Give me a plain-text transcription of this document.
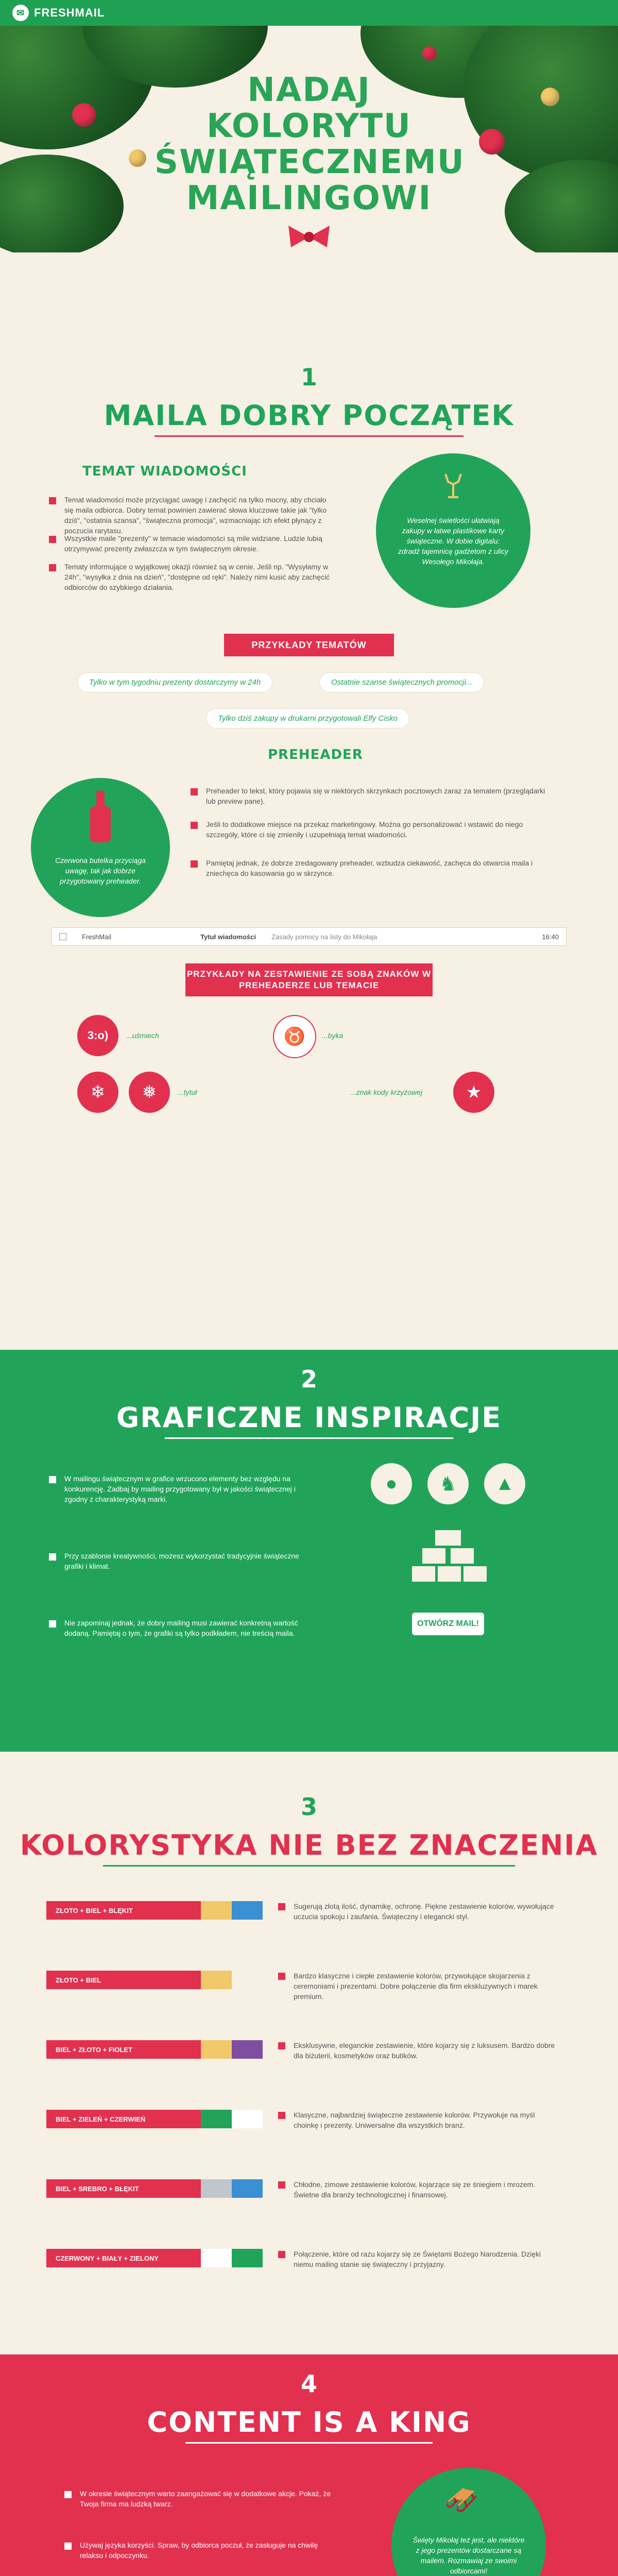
✉ FRESHMAIL
NADAJ KOLORYTU
ŚWIĄTECZNEMU
MAILINGOWI
1
MAILA DOBRY POCZĄTEK
TEMAT WIADOMOŚCI
Temat wiadomości może przyciągać uwagę i zachęcić na tylko mocny, aby chciało się maila odbiorca. Dobry temat powinien zawierać słowa kluczowe takie jak "tylko dziś", "ostatnia szansa", "świąteczna promocja", wzmacniając ich efekt płynący z poczucia rarytasu.
Wszystkie maile "prezenty" w temacie wiadomości są mile widziane. Ludzie lubią otrzymywać prezenty zwłaszcza w tym świątecznym okresie.
Tematy informujące o wyjątkowej okazji również są w cenie. Jeśli np. "Wysyłamy w 24h", "wysyłka z dnia na dzień", "dostępne od ręki". Należy nimi kusić aby zachęcić odbiorców do szybkiego działania.
Weselnej świetlości ułatwiają zakupy w łatwe plastikowe karty świąteczne. W dobie digitalu: zdradź tajemnicę gadżetom z ulicy Wesołego Mikołaja.
PRZYKŁADY TEMATÓW
Tylko w tym tygodniu prezenty dostarczymy w 24h	Ostatnie szanse świątecznych promocji...
Tylko dziś zakupy w drukarni przygotowali Elfy Cisko
PREHEADER
Czerwona butelka przyciąga uwagę, tak jak dobrze przygotowany preheader.
Preheader to tekst, który pojawia się w niektórych skrzynkach pocztowych zaraz za tematem (przeglądarki lub preview pane).
Jeśli to dodatkowe miejsce na przekaz marketingowy. Można go personalizować i wstawić do niego szczegóły, które ci się zmieniły i uzupełniają temat wiadomości.
Pamiętaj jednak, że dobrze zredagowany preheader, wzbudza ciekawość, zachęca do otwarcia maila i zniechęca do kasowania go w skrzynce.
FreshMail	Tytuł wiadomości Zasady pomocy na listy do Mikołaja	16:40
PRZYKŁADY NA ZESTAWIENIE ZE SOBĄ ZNAKÓW W PREHEADERZE LUB TEMACIE
3:o)	...uśmiech	♉	...byka
❄	❅	...tytuł	★
...znak kody krzyżowej
2
GRAFICZNE INSPIRACJE
W mailingu świątecznym w grafice wrzucono elementy bez względu na konkurencję. Zadbaj by mailing przygotowany był w jakości świątecznej i zgodny z charakterystyką marki.
Przy szablonie kreatywności, możesz wykorzystać tradycyjnie świąteczne grafiki i klimat.
Nie zapominaj jednak, że dobry mailing musi zawierać konkretną wartość dodaną. Pamiętaj o tym, że grafiki są tylko podkładem, nie treścią maila.
●	♞	▲
OTWÓRZ MAIL!
3
KOLORYSTYKA NIE BEZ ZNACZENIA
ZŁOTO + BIEL + BLĘKIT	Sugerują złotą ilość, dynamikę, ochronę. Piękne zestawienie kolorów, wywołujące uczucia spokoju i zaufania. Świąteczny i elegancki styl.
ZŁOTO + BIEL	Bardzo klasyczne i ciepłe zestawienie kolorów, przywołujące skojarzenia z ceremoniami i prezentami. Dobre połączenie dla firm ekskluzywnych i marek premium.
BIEL + ZŁOTO + FIOLET	Eksklusywne, eleganckie zestawienie, które kojarzy się z luksusem. Bardzo dobre dla biżuterii, kosmetyków oraz butików.
BIEL + ZIELEŃ + CZERWIEŃ	Klasyczne, najbardziej świąteczne zestawienie kolorów. Przywołuje na myśl choinkę i prezenty. Uniwersalne dla wszystkich branż.
BIEL + SREBRO + BŁĘKIT	Chłodne, zimowe zestawienie kolorów, kojarzące się ze śniegiem i mrozem. Świetne dla branży technologicznej i finansowej.
CZERWONY + BIAŁY + ZIELONY	Połączenie, które od razu kojarzy się ze Świętami Bożego Narodzenia. Dzięki niemu mailing stanie się świąteczny i przyjazny.
4
CONTENT IS A KING
W okresie świątecznym warto zaangażować się w dodatkowe akcje. Pokaż, że Twoja firma ma ludzką twarz.
Używaj języka korzyści. Spraw, by odbiorca poczuł, że zasługuje na chwilę relaksu i odpoczynku.
🛷
Święty Mikołaj też jest, ale niektóre z jego prezentów dostarczane są mailem. Rozmawiaj ze swoimi odbiorcami!
